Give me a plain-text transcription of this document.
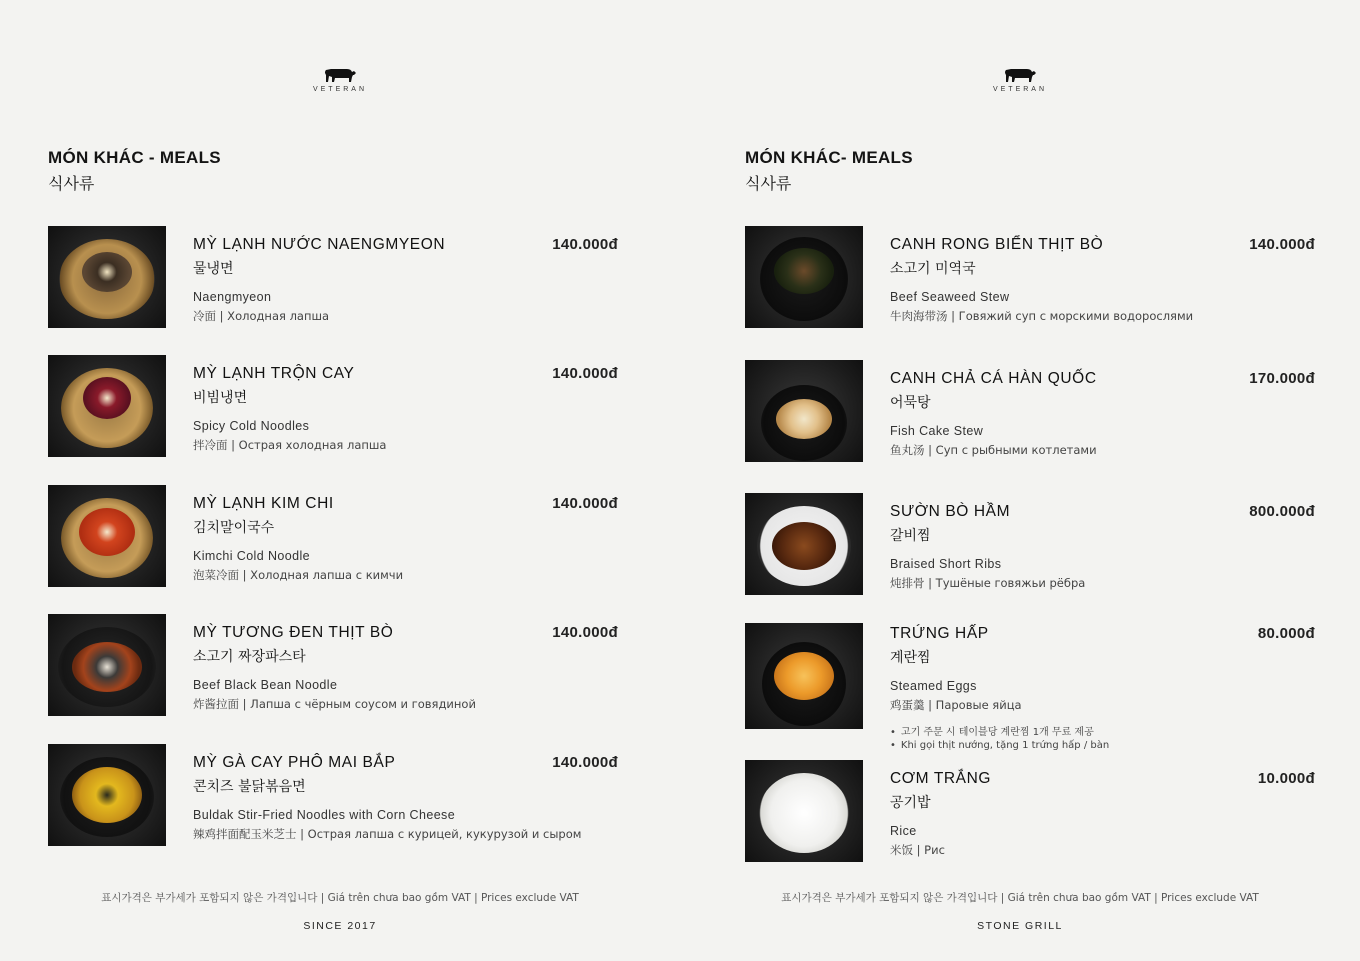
VETERAN
MÓN KHÁC - MEALS
식사류
MỲ LẠNH NƯỚC NAENGMYEON	140.000đ
물냉면
Naengmyeon
冷面 | Холодная лапша
MỲ LẠNH TRỘN CAY	140.000đ
비빔냉면
Spicy Cold Noodles
拌冷面 | Острая холодная лапша
MỲ LẠNH KIM CHI	140.000đ
김치말이국수
Kimchi Cold Noodle
泡菜冷面 | Холодная лапша с кимчи
MỲ TƯƠNG ĐEN THỊT BÒ	140.000đ
소고기 짜장파스타
Beef Black Bean Noodle
炸酱拉面 | Лапша с чёрным соусом и говядиной
MỲ GÀ CAY PHÔ MAI BẮP	140.000đ
콘치즈 불닭볶음면
Buldak Stir-Fried Noodles with Corn Cheese
辣鸡拌面配玉米芝士 | Острая лапша с курицей, кукурузой и сыром
표시가격은 부가세가 포함되지 않은 가격입니다 | Giá trên chưa bao gồm VAT | Prices exclude VAT
SINCE 2017
VETERAN
MÓN KHÁC- MEALS
식사류
CANH RONG BIỂN THỊT BÒ	140.000đ
소고기 미역국
Beef Seaweed Stew
牛肉海带汤 | Говяжий суп с морскими водорослями
CANH CHẢ CÁ HÀN QUỐC	170.000đ
어묵탕
Fish Cake Stew
鱼丸汤 | Суп с рыбными котлетами
SƯỜN BÒ HẦM	800.000đ
갈비찜
Braised Short Ribs
炖排骨 | Тушёные говяжьи рёбра
TRỨNG HẤP	80.000đ
계란찜
Steamed Eggs
鸡蛋羹 | Паровые яйца
• 고기 주문 시 테이블당 계란찜 1개 무료 제공
• Khi gọi thịt nướng, tặng 1 trứng hấp / bàn
CƠM TRẮNG	10.000đ
공기밥
Rice
米饭 | Рис
표시가격은 부가세가 포함되지 않은 가격입니다 | Giá trên chưa bao gồm VAT | Prices exclude VAT
STONE GRILL
